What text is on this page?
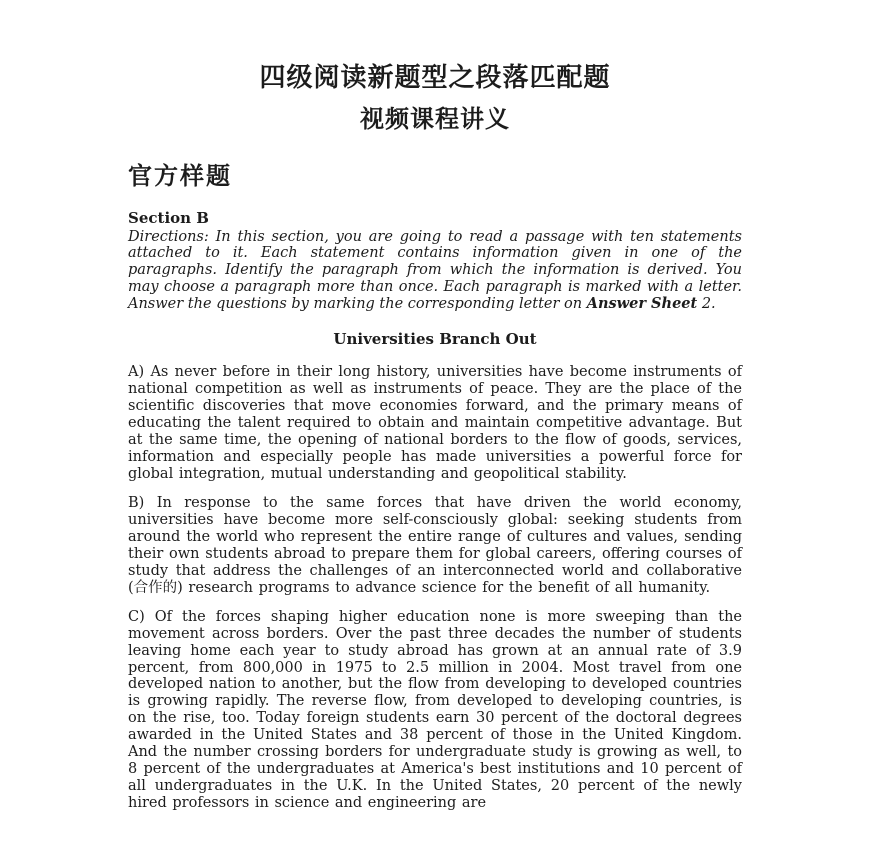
四级阅读新题型之段落匹配题
视频课程讲义
官方样题

Section B

Directions: In this section, you are going to read a passage with ten statements attached to it. Each statement contains information given in one of the paragraphs. Identify the paragraph from which the information is derived. You may choose a paragraph more than once. Each paragraph is marked with a letter. Answer the questions by marking the corresponding letter on Answer Sheet 2.

Universities Branch Out

A) As never before in their long history, universities have become instruments of national competition as well as instruments of peace. They are the place of the scientific discoveries that move economies forward, and the primary means of educating the talent required to obtain and maintain competitive advantage. But at the same time, the opening of national borders to the flow of goods, services, information and especially people has made universities a powerful force for global integration, mutual understanding and geopolitical stability.

B) In response to the same forces that have driven the world economy, universities have become more self-consciously global: seeking students from around the world who represent the entire range of cultures and values, sending their own students abroad to prepare them for global careers, offering courses of study that address the challenges of an interconnected world and collaborative (合作的) research programs to advance science for the benefit of all humanity.

C) Of the forces shaping higher education none is more sweeping than the movement across borders. Over the past three decades the number of students leaving home each year to study abroad has grown at an annual rate of 3.9 percent, from 800,000 in 1975 to 2.5 million in 2004. Most travel from one developed nation to another, but the flow from developing to developed countries is growing rapidly. The reverse flow, from developed to developing countries, is on the rise, too. Today foreign students earn 30 percent of the doctoral degrees awarded in the United States and 38 percent of those in the United Kingdom. And the number crossing borders for undergraduate study is growing as well, to 8 percent of the undergraduates at America's best institutions and 10 percent of all undergraduates in the U.K. In the United States, 20 percent of the newly hired professors in science and engineering are
